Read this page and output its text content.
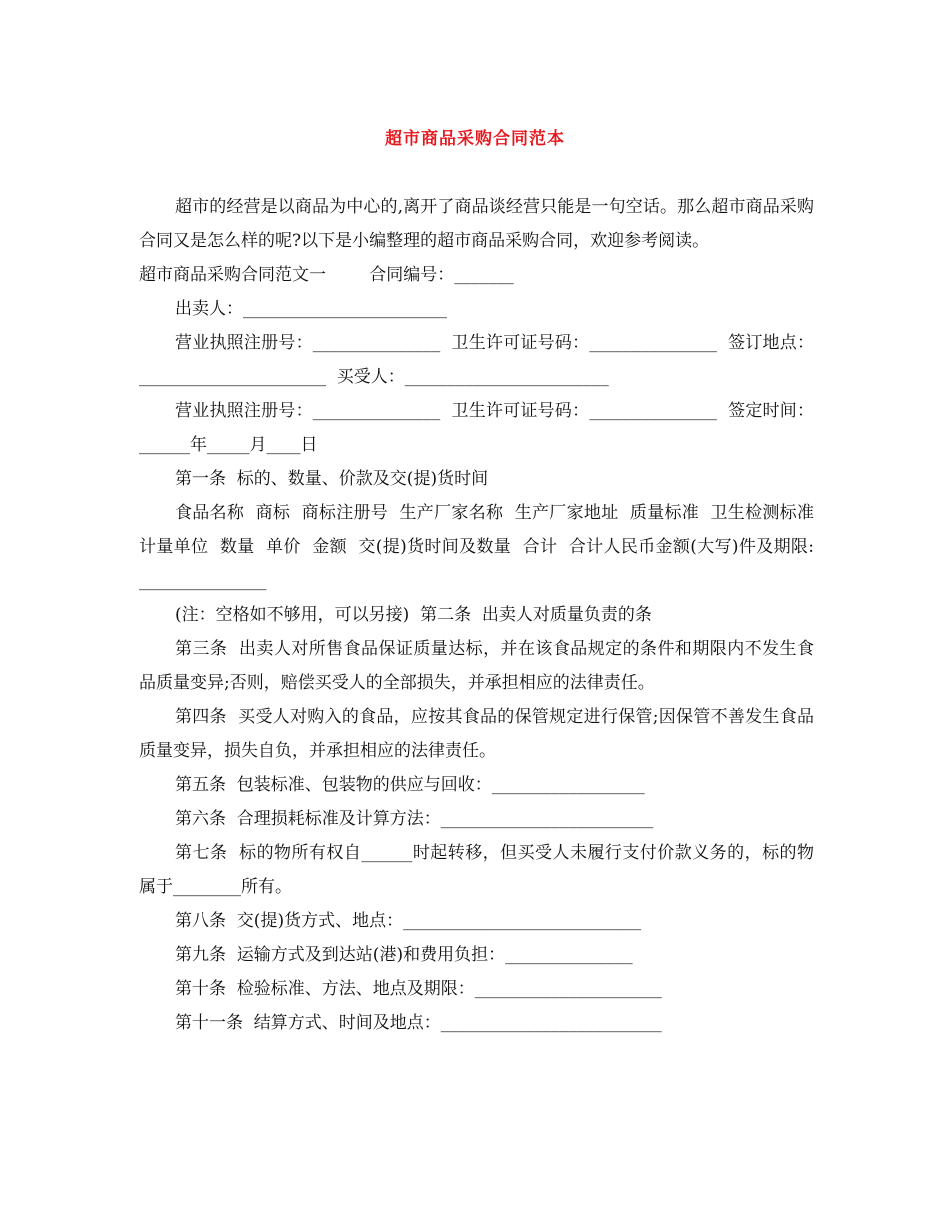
超市商品采购合同范本

超市的经营是以商品为中心的,离开了商品谈经营只能是一句空话。那么超市商品采购合同又是怎么样的呢?以下是小编整理的超市商品采购合同，欢迎参考阅读。

超市商品采购合同范文一        合同编号：_______

出卖人：________________________

营业执照注册号：_______________  卫生许可证号码：_______________  签订地点：______________________  买受人：________________________

营业执照注册号：_______________  卫生许可证号码：_______________  签定时间：______年_____月____日

第一条  标的、数量、价款及交(提)货时间

食品名称  商标  商标注册号  生产厂家名称  生产厂家地址  质量标准  卫生检测标准  计量单位  数量  单价  金额  交(提)货时间及数量  合计  合计人民币金额(大写)件及期限: _______________

(注：空格如不够用，可以另接)  第二条  出卖人对质量负责的条

第三条  出卖人对所售食品保证质量达标，并在该食品规定的条件和期限内不发生食品质量变异;否则，赔偿买受人的全部损失，并承担相应的法律责任。

第四条  买受人对购入的食品，应按其食品的保管规定进行保管;因保管不善发生食品质量变异，损失自负，并承担相应的法律责任。

第五条  包装标准、包装物的供应与回收：__________________

第六条  合理损耗标准及计算方法：_________________________

第七条  标的物所有权自______时起转移，但买受人未履行支付价款义务的，标的物属于________所有。

第八条  交(提)货方式、地点：____________________________

第九条  运输方式及到达站(港)和费用负担：_______________

第十条  检验标准、方法、地点及期限：______________________

第十一条  结算方式、时间及地点：__________________________
